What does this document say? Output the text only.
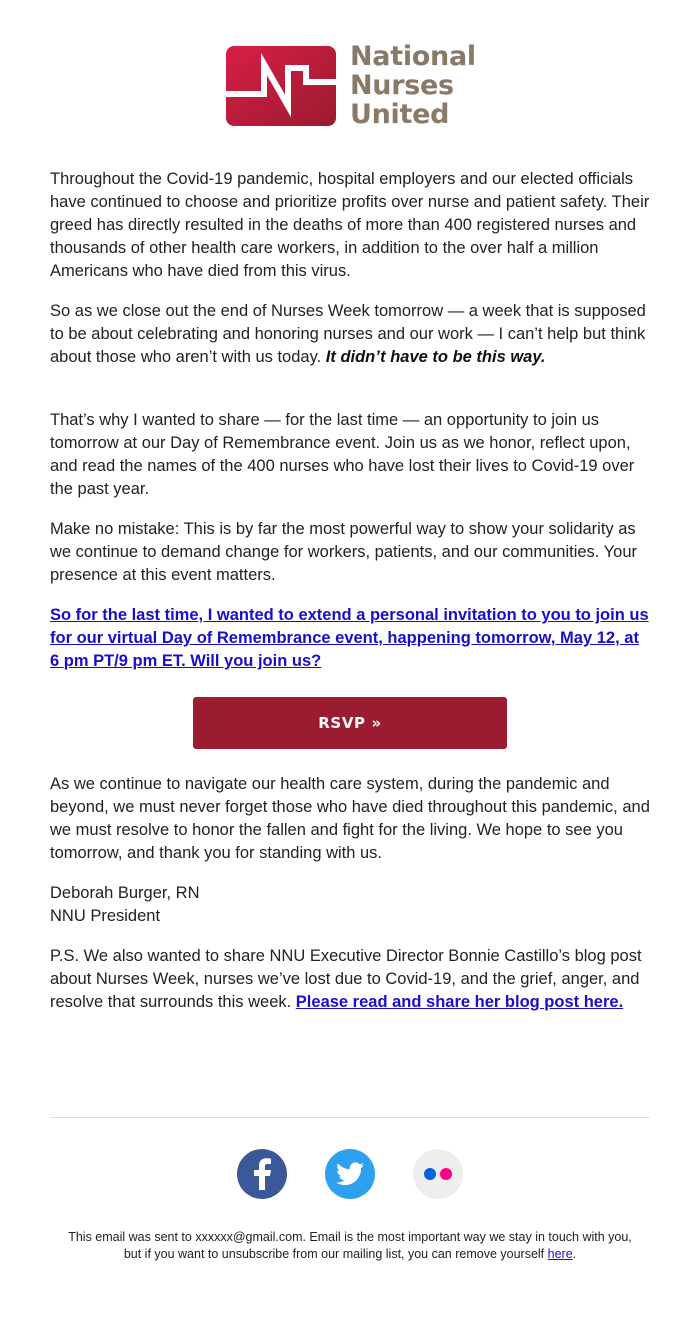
National
Nurses
United

Throughout the Covid-19 pandemic, hospital employers and our elected officials have continued to choose and prioritize profits over nurse and patient safety. Their greed has directly resulted in the deaths of more than 400 registered nurses and thousands of other health care workers, in addition to the over half a million Americans who have died from this virus.

So as we close out the end of Nurses Week tomorrow — a week that is supposed to be about celebrating and honoring nurses and our work — I can’t help but think about those who aren’t with us today. It didn’t have to be this way.

That’s why I wanted to share — for the last time — an opportunity to join us tomorrow at our Day of Remembrance event. Join us as we honor, reflect upon, and read the names of the 400 nurses who have lost their lives to Covid-19 over the past year.

Make no mistake: This is by far the most powerful way to show your solidarity as we continue to demand change for workers, patients, and our communities. Your presence at this event matters.

So for the last time, I wanted to extend a personal invitation to you to join us for our virtual Day of Remembrance event, happening tomorrow, May 12, at 6 pm PT/9 pm ET. Will you join us?

RSVP »

As we continue to navigate our health care system, during the pandemic and beyond, we must never forget those who have died throughout this pandemic, and we must resolve to honor the fallen and fight for the living. We hope to see you tomorrow, and thank you for standing with us.

Deborah Burger, RN

NNU President

P.S. We also wanted to share NNU Executive Director Bonnie Castillo’s blog post about Nurses Week, nurses we’ve lost due to Covid-19, and the grief, anger, and resolve that surrounds this week. Please read and share her blog post here.

This email was sent to xxxxxx@gmail.com. Email is the most important way we stay in touch with you,
but if you want to unsubscribe from our mailing list, you can remove yourself here.
